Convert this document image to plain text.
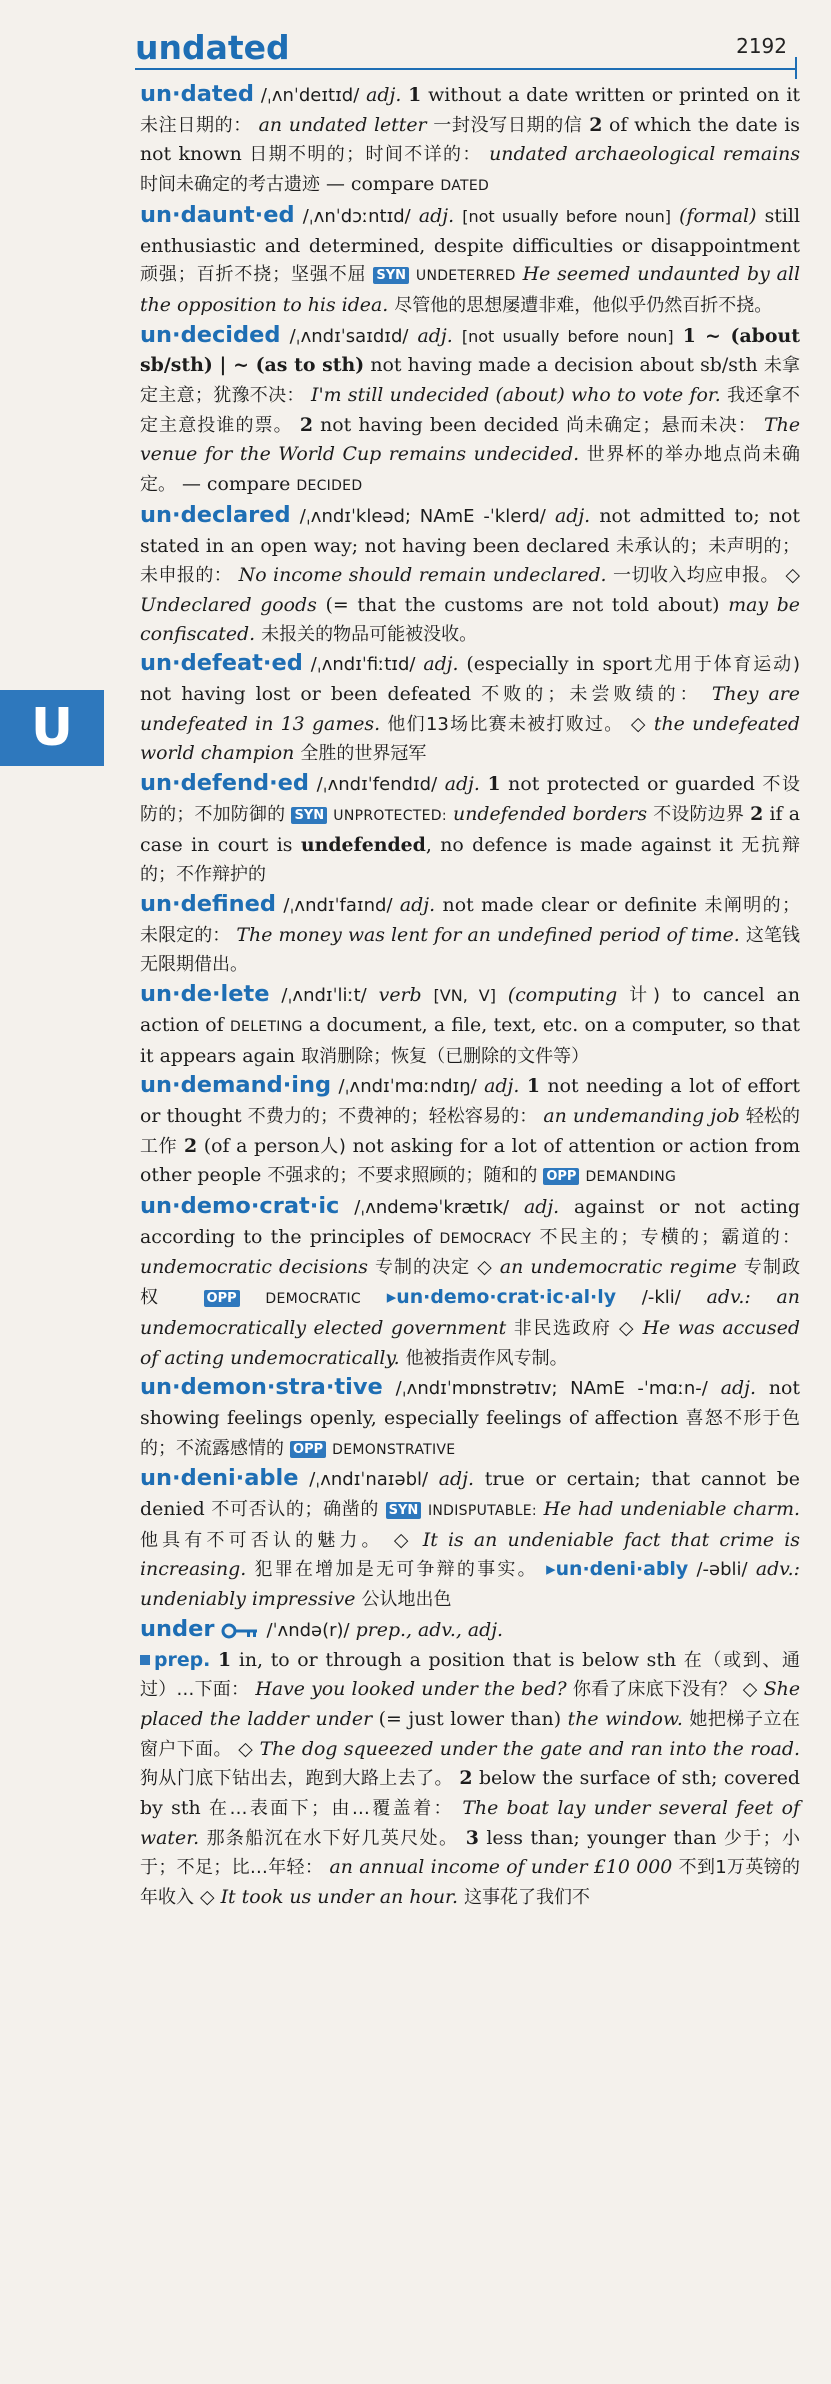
undated	2192
U

un·dated /ˌʌnˈdeɪtɪd/ adj. 1 without a date written or printed on it 未注日期的： an undated letter 一封没写日期的信 2 of which the date is not known 日期不明的；时间不详的： undated archaeological remains 时间未确定的考古遗迹 — compare DATED

un·daunt·ed /ˌʌnˈdɔːntɪd/ adj. [not usually before noun] (formal) still enthusiastic and determined, despite difficulties or disappointment 顽强；百折不挠；坚强不屈 SYN UNDETERRED He seemed undaunted by all the opposition to his idea. 尽管他的思想屡遭非难，他似乎仍然百折不挠。

un·decided /ˌʌndɪˈsaɪdɪd/ adj. [not usually before noun] 1 ~ (about sb/sth) | ~ (as to sth) not having made a decision about sb/sth 未拿定主意；犹豫不决： I'm still undecided (about) who to vote for. 我还拿不定主意投谁的票。 2 not having been decided 尚未确定；悬而未决： The venue for the World Cup remains undecided. 世界杯的举办地点尚未确定。 — compare DECIDED

un·declared /ˌʌndɪˈkleəd; NAmE -ˈklerd/ adj. not admitted to; not stated in an open way; not having been declared 未承认的；未声明的；未申报的： No income should remain undeclared. 一切收入均应申报。 ◇ Undeclared goods (= that the customs are not told about) may be confiscated. 未报关的物品可能被没收。

un·defeat·ed /ˌʌndɪˈfiːtɪd/ adj. (especially in sport尤用于体育运动) not having lost or been defeated 不败的；未尝败绩的： They are undefeated in 13 games. 他们13场比赛未被打败过。 ◇ the undefeated world champion 全胜的世界冠军

un·defend·ed /ˌʌndɪˈfendɪd/ adj. 1 not protected or guarded 不设防的；不加防御的 SYN UNPROTECTED: undefended borders 不设防边界 2 if a case in court is undefended, no defence is made against it 无抗辩的；不作辩护的

un·defined /ˌʌndɪˈfaɪnd/ adj. not made clear or definite 未阐明的；未限定的： The money was lent for an undefined period of time. 这笔钱无限期借出。

un·de·lete /ˌʌndɪˈliːt/ verb [VN, V] (computing 计) to cancel an action of DELETING a document, a file, text, etc. on a computer, so that it appears again 取消删除；恢复（已删除的文件等）

un·demand·ing /ˌʌndɪˈmɑːndɪŋ/ adj. 1 not needing a lot of effort or thought 不费力的；不费神的；轻松容易的： an undemanding job 轻松的工作 2 (of a person人) not asking for a lot of attention or action from other people 不强求的；不要求照顾的；随和的 OPP DEMANDING

un·demo·crat·ic /ˌʌndeməˈkrætɪk/ adj. against or not acting according to the principles of DEMOCRACY 不民主的；专横的；霸道的： undemocratic decisions 专制的决定 ◇ an undemocratic regime 专制政权 OPP DEMOCRATIC ▸un·demo·crat·ic·al·ly /-kli/ adv.: an undemocratically elected government 非民选政府 ◇ He was accused of acting undemocratically. 他被指责作风专制。

un·demon·stra·tive /ˌʌndɪˈmɒnstrətɪv; NAmE -ˈmɑːn-/ adj. not showing feelings openly, especially feelings of affection 喜怒不形于色的；不流露感情的 OPP DEMONSTRATIVE

un·deni·able /ˌʌndɪˈnaɪəbl/ adj. true or certain; that cannot be denied 不可否认的；确凿的 SYN INDISPUTABLE: He had undeniable charm. 他具有不可否认的魅力。 ◇ It is an undeniable fact that crime is increasing. 犯罪在增加是无可争辩的事实。 ▸un·deni·ably /-əbli/ adv.: undeniably impressive 公认地出色

under	/ˈʌndə(r)/ prep., adv., adj.
prep. 1 in, to or through a position that is below sth 在（或到、通过）…下面： Have you looked under the bed? 你看了床底下没有？ ◇ She placed the ladder under (= just lower than) the window. 她把梯子立在窗户下面。 ◇ The dog squeezed under the gate and ran into the road. 狗从门底下钻出去，跑到大路上去了。 2 below the surface of sth; covered by sth 在…表面下；由…覆盖着： The boat lay under several feet of water. 那条船沉在水下好几英尺处。 3 less than; younger than 少于；小于；不足；比…年轻： an annual income of under £10 000 不到1万英镑的年收入 ◇ It took us under an hour. 这事花了我们不
